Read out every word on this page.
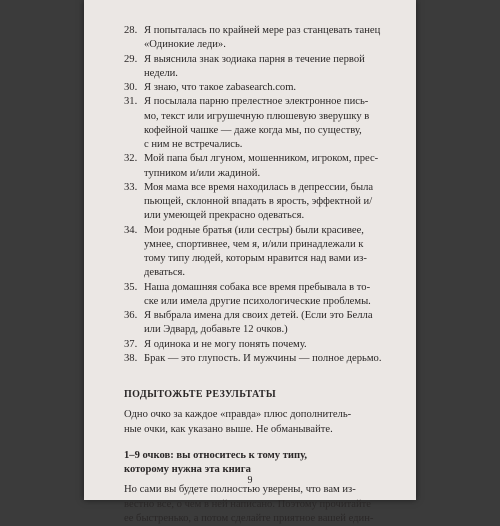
28. Я попыталась по крайней мере раз станцевать танец
«Одинокие леди».
29. Я выяснила знак зодиака парня в течение первой
недели.
30. Я знаю, что такое zabasearch.com.
31. Я посылала парню прелестное электронное пись-
мо, текст или игрушечную плюшевую зверушку в
кофейной чашке — даже когда мы, по существу,
с ним не встречались.
32. Мой папа был лгуном, мошенником, игроком, прес-
тупником и/или жадиной.
33. Моя мама все время находилась в депрессии, была
пьющей, склонной впадать в ярость, эффектной и/
или умеющей прекрасно одеваться.
34. Мои родные братья (или сестры) были красивее,
умнее, спортивнее, чем я, и/или принадлежали к
тому типу людей, которым нравится над вами из-
деваться.
35. Наша домашняя собака все время пребывала в то-
ске или имела другие психологические проблемы.
36. Я выбрала имена для своих детей. (Если это Белла
или Эдвард, добавьте 12 очков.)
37. Я одинока и не могу понять почему.
38. Брак — это глупость. И мужчины — полное дерьмо.
ПОДЫТОЖЬТЕ РЕЗУЛЬТАТЫ
Одно очко за каждое «правда» плюс дополнитель-
ные очки, как указано выше. Не обманывайте.
1–9 очков: вы относитесь к тому типу,
которому нужна эта книга
Но сами вы будете полностью уверены, что вам из-
вестно все, о чем в ней написано. Поэтому прочитайте
ее быстренько, а потом сделайте приятное вашей един-
9
